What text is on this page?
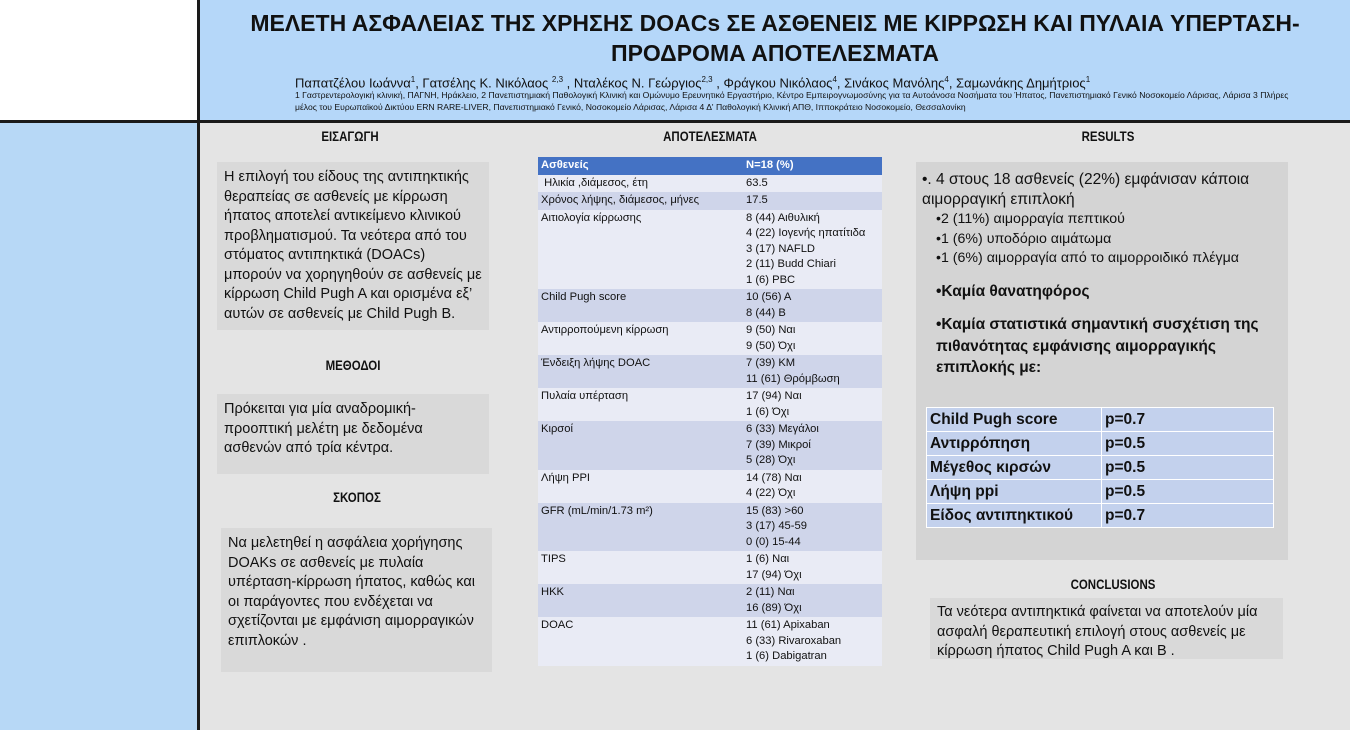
ΜΕΛΕΤΗ ΑΣΦΑΛΕΙΑΣ ΤΗΣ ΧΡΗΣΗΣ DOACs ΣΕ ΑΣΘΕΝΕΙΣ ΜΕ ΚΙΡΡΩΣΗ ΚΑΙ ΠΥΛΑΙΑ ΥΠΕΡΤΑΣΗ-ΠΡΟΔΡΟΜΑ ΑΠΟΤΕΛΕΣΜΑΤΑ
Παπατζέλου Ιωάννα$^1$, Γατσέλης Κ. Νικόλαος $^{2,3}$ , Νταλέκος Ν. Γεώργιος$^{2,3}$ , Φράγκου Νικόλαος$^4$, Σινάκος Μανόλης$^4$, Σαμωνάκης Δημήτριος$^1$
1 Γαστρεντερολογική κλινική, ΠΑΓΝΗ, Ηράκλειο, 2 Πανεπιστημιακή Παθολογική Κλινική και Ομώνυμο Ερευνητικό Εργαστήριο, Κέντρο Εμπειρογνωμοσύνης για τα Αυτοάνοσα Νοσήματα του Ήπατος, Πανεπιστημιακό Γενικό Νοσοκομείο Λάρισας, Λάρισα 3 Πλήρες μέλος του Ευρωπαϊκού Δικτύου ERN RARE-LIVER, Πανεπιστημιακό Γενικό, Νοσοκομείο Λάρισας, Λάρισα 4 Δ' Παθολογική Κλινική ΑΠΘ, Ιπποκράτειο Νοσοκομείο, Θεσσαλονίκη
ΕΙΣΑΓΩΓΗ
Η επιλογή του είδους της αντιπηκτικής θεραπείας σε ασθενείς με κίρρωση ήπατος αποτελεί αντικείμενο κλινικού προβληματισμού. Τα νεότερα από του στόματος αντιπηκτικά (DOACs) μπορούν να χορηγηθούν σε ασθενείς με κίρρωση Child Pugh A και ορισμένα εξ’ αυτών σε ασθενείς με Child Pugh B.
ΜΕΘΟΔΟΙ
Πρόκειται για μία αναδρομική-προοπτική μελέτη με δεδομένα ασθενών από τρία κέντρα.
ΣΚΟΠΟΣ
Να μελετηθεί η ασφάλεια χορήγησης DOAKs σε ασθενείς με πυλαία υπέρταση-κίρρωση ήπατος, καθώς και οι παράγοντες που ενδέχεται να σχετίζονται με εμφάνιση αιμορραγικών επιπλοκών .
ΑΠΟΤΕΛΕΣΜΑΤΑ
Ασθενείς	N=18 (%)
Ηλικία ,διάμεσος, έτη	63.5

Χρόνος λήψης, διάμεσος, μήνες	17.5

Αιτιολογία κίρρωσης	8 (44) Αιθυλική
4 (22) Ιογενής ηπατίτιδα
3 (17) NAFLD
2 (11) Budd Chiari
1 (6) PBC

Child Pugh score	10 (56) A
8 (44) B

Αντιρροπούμενη κίρρωση	9 (50) Ναι
9 (50) Όχι

Ένδειξη λήψης DOAC	7 (39) ΚΜ
11 (61) Θρόμβωση

Πυλαία υπέρταση	17 (94) Ναι
1 (6) Όχι

Κιρσοί	6 (33) Μεγάλοι
7 (39) Μικροί
5 (28) Όχι

Λήψη PPI	14 (78) Ναι
4 (22) Όχι

GFR (mL/min/1.73 m²)	15 (83) >60
3 (17) 45-59
0 (0) 15-44

TIPS	1 (6) Ναι
17 (94) Όχι

ΗΚΚ	2 (11) Ναι
16 (89) Όχι

DOAC	11 (61) Apixaban
6 (33) Rivaroxaban
1 (6) Dabigatran
RESULTS
•. 4 στους 18 ασθενείς (22%) εμφάνισαν κάποια αιμορραγική επιπλοκή
•2 (11%) αιμορραγία πεπτικού
•1 (6%) υποδόριο αιμάτωμα
•1 (6%) αιμορραγία από το αιμορροιδικό πλέγμα
•Καμία θανατηφόρος
•Καμία στατιστικά σημαντική συσχέτιση της πιθανότητας εμφάνισης αιμορραγικής επιπλοκής με:
Child Pugh score	p=0.7
Αντιρρόπηση	p=0.5
Μέγεθος κιρσών	p=0.5
Λήψη ppi	p=0.5
Είδος αντιπηκτικού	p=0.7
CONCLUSIONS
Τα νεότερα αντιπηκτικά φαίνεται να αποτελούν μία ασφαλή θεραπευτική επιλογή στους ασθενείς με κίρρωση ήπατος Child Pugh A και B .
